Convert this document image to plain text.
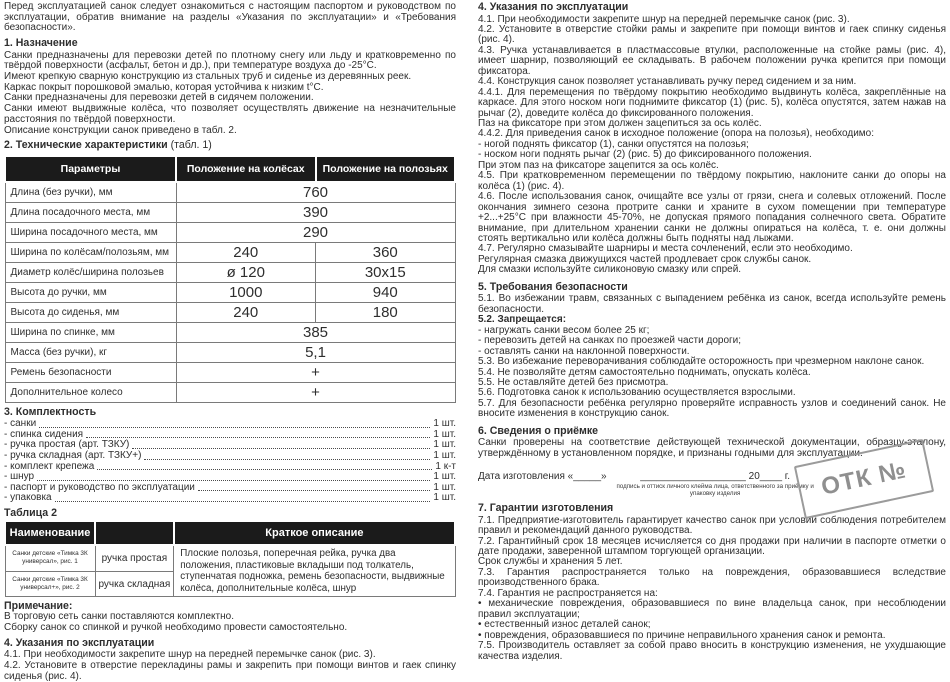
Перед эксплуатацией санок следует ознакомиться с настоящим паспортом и руководством по эксплуатации, обратив внимание на разделы «Указания по эксплуатации» и «Требования безопасности».

1. Назначение

Санки предназначены для перевозки детей по плотному снегу или льду и кратковременно по твёрдой поверхности (асфальт, бетон и др.), при температуре воздуха до -25°С.

Имеют крепкую сварную конструкцию из стальных труб и сиденье из деревянных реек.

Каркас покрыт порошковой эмалью, которая устойчива к низким t°С.

Санки предназначены для перевозки детей в сидячем положении.

Санки имеют выдвижные колёса, что позволяет осуществлять движение на незначительные расстояния по твёрдой поверхности.

Описание конструкции санок приведено в табл. 2.

2. Технические характеристики (табл. 1)
Параметры	Положение на колёсах	Положение на полозьях
Длина (без ручки), мм	760	
Длина посадочного места, мм	390	
Ширина посадочного места, мм	290	
Ширина по колёсам/полозьям, мм	240	360
Диаметр колёс/ширина полозьев	ø 120	30x15
Высота до ручки, мм	1000	940
Высота до сиденья, мм	240	180
Ширина по спинке, мм	385	
Масса (без ручки), кг	5,1	
Ремень безопасности	+	
Дополнительное колесо	+	
3. Комплектность
- санки	1 шт.
- спинка сидения	1 шт.
- ручка простая (арт. ТЗКУ)	1 шт.
- ручка складная (арт. ТЗКУ+)	1 шт.
- комплект крепежа	1 к-т
- шнур	1 шт.
- паспорт и руководство по эксплуатации	1 шт.
- упаковка	1 шт.
Таблица 2
Наименование		Краткое описание
Санки детские «Тимка 3К универсал», рис. 1	ручка простая	Плоские полозья, поперечная рейка, ручка два положения, пластиковые вкладыши под толкатель, ступенчатая подножка, ремень безопасности, выдвижные колёса, дополнительные колёса, шнур
Санки детские «Тимка 3К универсал+», рис. 2	ручка складная	
Примечание:

В торговую сеть санки поставляются комплектно.

Сборку санок со спинкой и ручкой необходимо провести самостоятельно.

4. Указания по эксплуатации

4.1. При необходимости закрепите шнур на передней перемычке санок (рис. 3).

4.2. Установите в отверстие перекладины рамы и закрепить при помощи винтов и гаек спинку сиденья (рис. 4).

4. Указания по эксплуатации

4.1. При необходимости закрепите шнур на передней перемычке санок (рис. 3).

4.2. Установите в отверстие стойки рамы и закрепите при помощи винтов и гаек спинку сиденья (рис. 4).

4.3. Ручка устанавливается в пластмассовые втулки, расположенные на стойке рамы (рис. 4), имеет шарнир, позволяющий ее складывать. В рабочем положении ручка крепится при помощи фиксатора.

4.4. Конструкция санок позволяет устанавливать ручку перед сидением и за ним.

4.4.1. Для перемещения по твёрдому покрытию необходимо выдвинуть колёса, закреплённые на каркасе. Для этого носком ноги поднимите фиксатор (1) (рис. 5), колёса опустятся, затем нажав на рычаг (2), доведите колёса до фиксированного положения.

Паз на фиксаторе при этом должен зацепиться за ось колёс.

4.4.2. Для приведения санок в исходное положение (опора на полозья), необходимо:

- ногой поднять фиксатор (1), санки опустятся на полозья;

- носком ноги поднять рычаг (2) (рис. 5) до фиксированного положения.

При этом паз на фиксаторе зацепится за ось колёс.

4.5. При кратковременном перемещении по твёрдому покрытию, наклоните санки до опоры на колёса (1) (рис. 4).

4.6. После использования санок, очищайте все узлы от грязи, снега и солевых отложений. После окончания зимнего сезона протрите санки и храните в сухом помещении при температуре +2...+25°С при влажности 45-70%, не допуская прямого попадания солнечного света. Обратите внимание, при длительном хранении санки не должны опираться на колёса, т. е. они должны стоять вертикально или колёса должны быть подняты над лыжами.

4.7. Регулярно смазывайте шарниры и места сочленений, если это необходимо.

Регулярная смазка движущихся частей продлевает срок службы санок.

Для смазки используйте силиконовую смазку или спрей.

5. Требования безопасности

5.1. Во избежании травм, связанных с выпадением ребёнка из санок, всегда используйте ремень безопасности.

5.2. Запрещается:

- нагружать санки весом более 25 кг;

- перевозить детей на санках по проезжей части дороги;

- оставлять санки на наклонной поверхности.

5.3. Во избежание переворачивания соблюдайте осторожность при чрезмерном наклоне санок.

5.4. Не позволяйте детям самостоятельно поднимать, опускать колёса.

5.5. Не оставляйте детей без присмотра.

5.6. Подготовка санок к использованию осуществляется взрослыми.

5.7. Для безопасности ребёнка регулярно проверяйте исправность узлов и соединений санок. Не вносите изменения в конструкцию санок.

6. Сведения о приёмке

Санки проверены на соответствие действующей технической документации, образцу-эталону, утверждённому в установленном порядке, и признаны годными для эксплуатации.

Дата изготовления «_____»	___________________ 20____ г.
подпись и оттиск личного клейма лица, ответственного за приёмку и упаковку изделия
7. Гарантии изготовления

7.1. Предприятие-изготовитель гарантирует качество санок при условии соблюдения потребителем правил и рекомендаций данного руководства.

7.2. Гарантийный срок 18 месяцев исчисляется со дня продажи при наличии в паспорте отметки о дате продажи, заверенной штампом торгующей организации.

Срок службы и хранения 5 лет.

7.3. Гарантия распространяется только на повреждения, образовавшиеся вследствие производственного брака.

7.4. Гарантия не распространяется на:

• механические повреждения, образовавшиеся по вине владельца санок, при несоблюдении правил эксплуатации;

• естественный износ деталей санок;

• повреждения, образовавшиеся по причине неправильного хранения санок и ремонта.

7.5. Производитель оставляет за собой право вносить в конструкцию изменения, не ухудшающие качества изделия.

ОТК №
